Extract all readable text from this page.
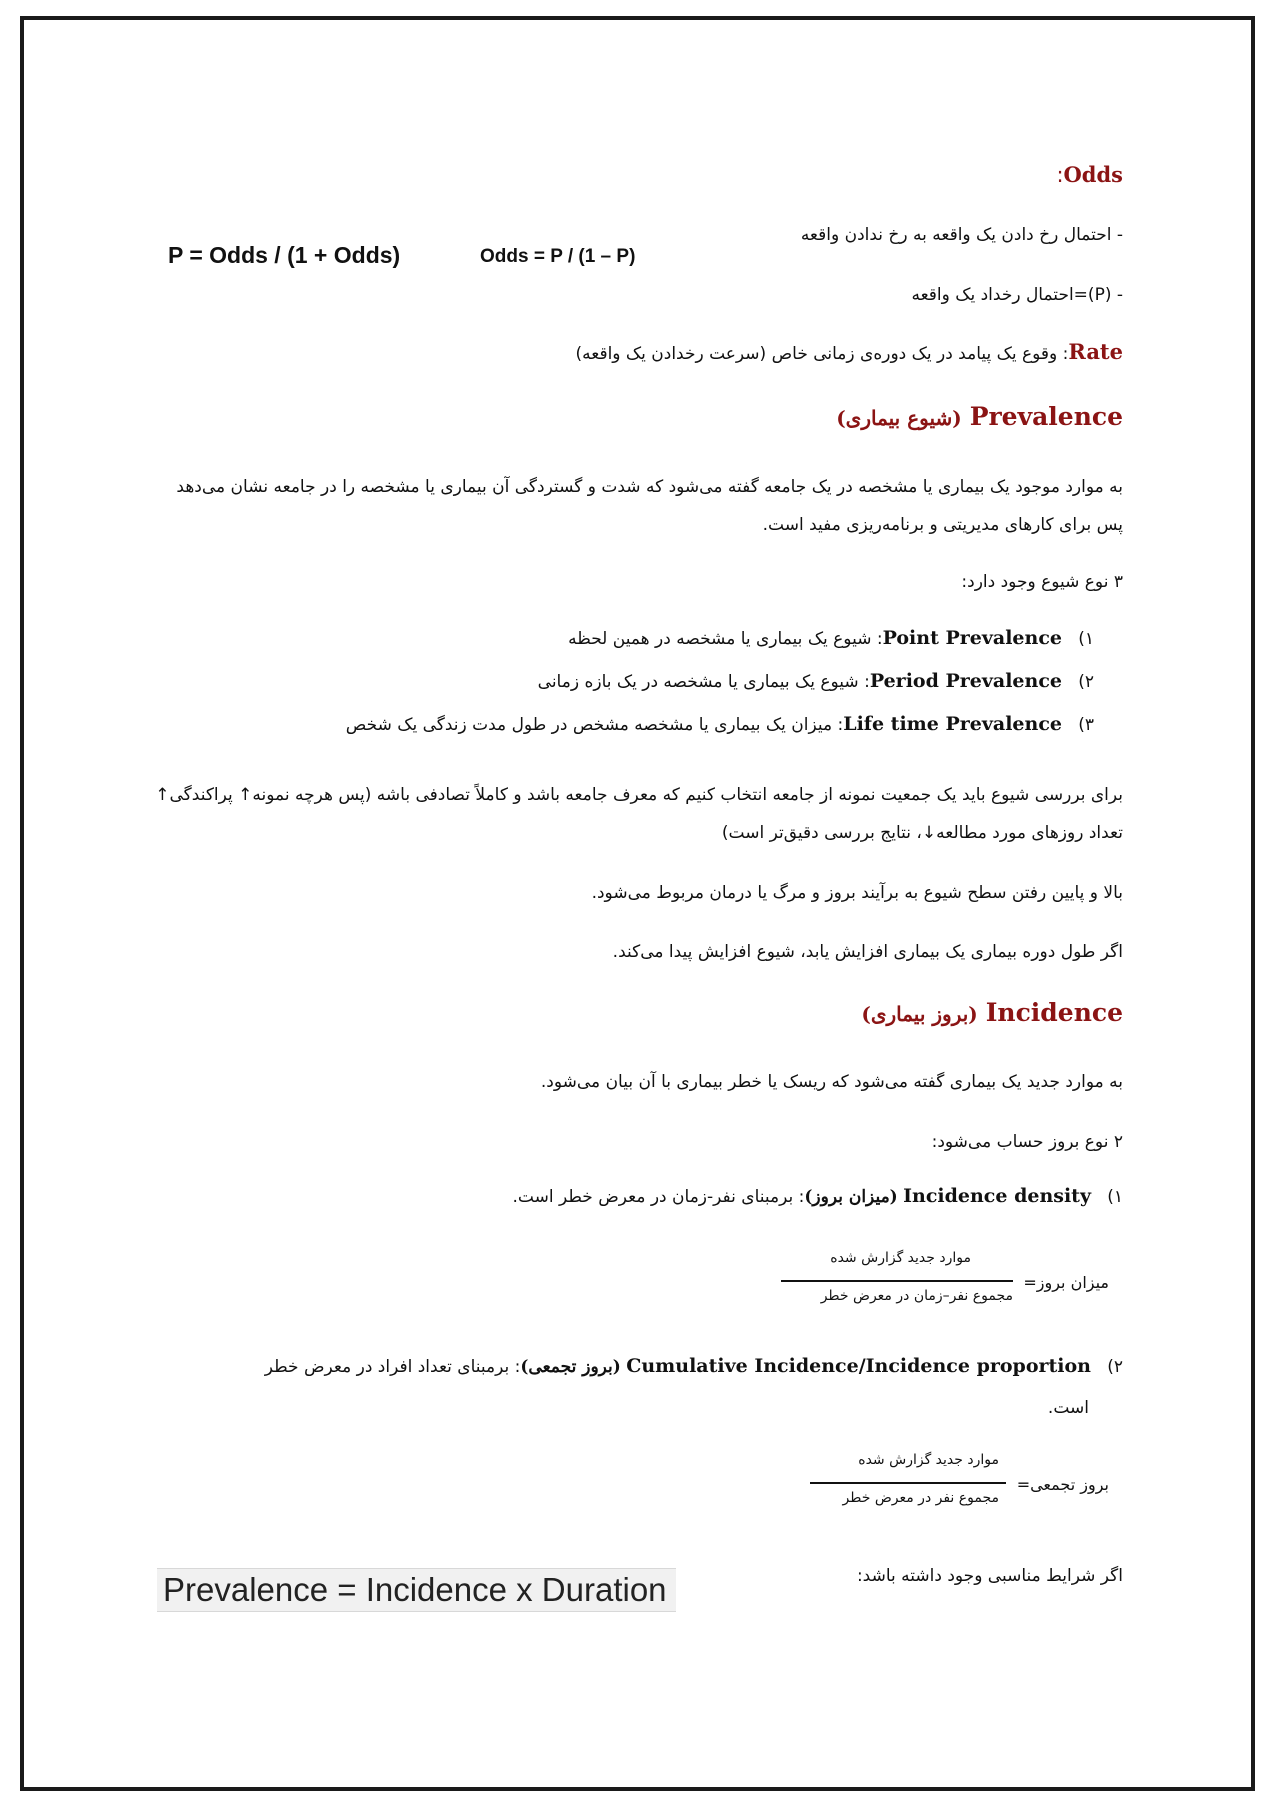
Odds:
- احتمال رخ دادن یک واقعه به رخ ندادن واقعه
- (P)=احتمال رخداد یک واقعه
P = Odds / (1 + Odds)	Odds = P / (1 – P)
Rate: وقوع یک پیامد در یک دوره‌ی زمانی خاص (سرعت رخدادن یک واقعه)
Prevalence (شیوع بیماری)
به موارد موجود یک بیماری یا مشخصه در یک جامعه گفته می‌شود که شدت و گستردگی آن بیماری یا مشخصه را در جامعه نشان می‌دهد پس برای کارهای مدیریتی و برنامه‌ریزی مفید است.
۳ نوع شیوع وجود دارد:
۱)   Point Prevalence: شیوع یک بیماری یا مشخصه در همین لحظه
۲)   Period Prevalence: شیوع یک بیماری یا مشخصه در یک بازه زمانی
۳)   Life time Prevalence: میزان یک بیماری یا مشخصه مشخص در طول مدت زندگی یک شخص
برای بررسی شیوع باید یک جمعیت نمونه از جامعه انتخاب کنیم که معرف جامعه باشد و کاملاً تصادفی باشه (پس هرچه نمونه↑ پراکندگی↑ تعداد روزهای مورد مطالعه↓، نتایج بررسی دقیق‌تر است)
بالا و پایین رفتن سطح شیوع به برآیند بروز و مرگ یا درمان مربوط می‌شود.
اگر طول دوره بیماری یک بیماری افزایش یابد، شیوع افزایش پیدا می‌کند.
Incidence (بروز بیماری)
به موارد جدید یک بیماری گفته می‌شود که ریسک یا خطر بیماری با آن بیان می‌شود.
۲ نوع بروز حساب می‌شود:
۱)   Incidence density (میزان بروز): برمبنای نفر-زمان در معرض خطر است.
میزان بروز=
موارد جدید گزارش شده
مجموع نفر–زمان در معرض خطر
۲)   Cumulative Incidence/Incidence proportion (بروز تجمعی): برمبنای تعداد افراد در معرض خطر
است.
بروز تجمعی=
موارد جدید گزارش شده
مجموع نفر در معرض خطر
اگر شرایط مناسبی وجود داشته باشد:
Prevalence = Incidence x Duration
